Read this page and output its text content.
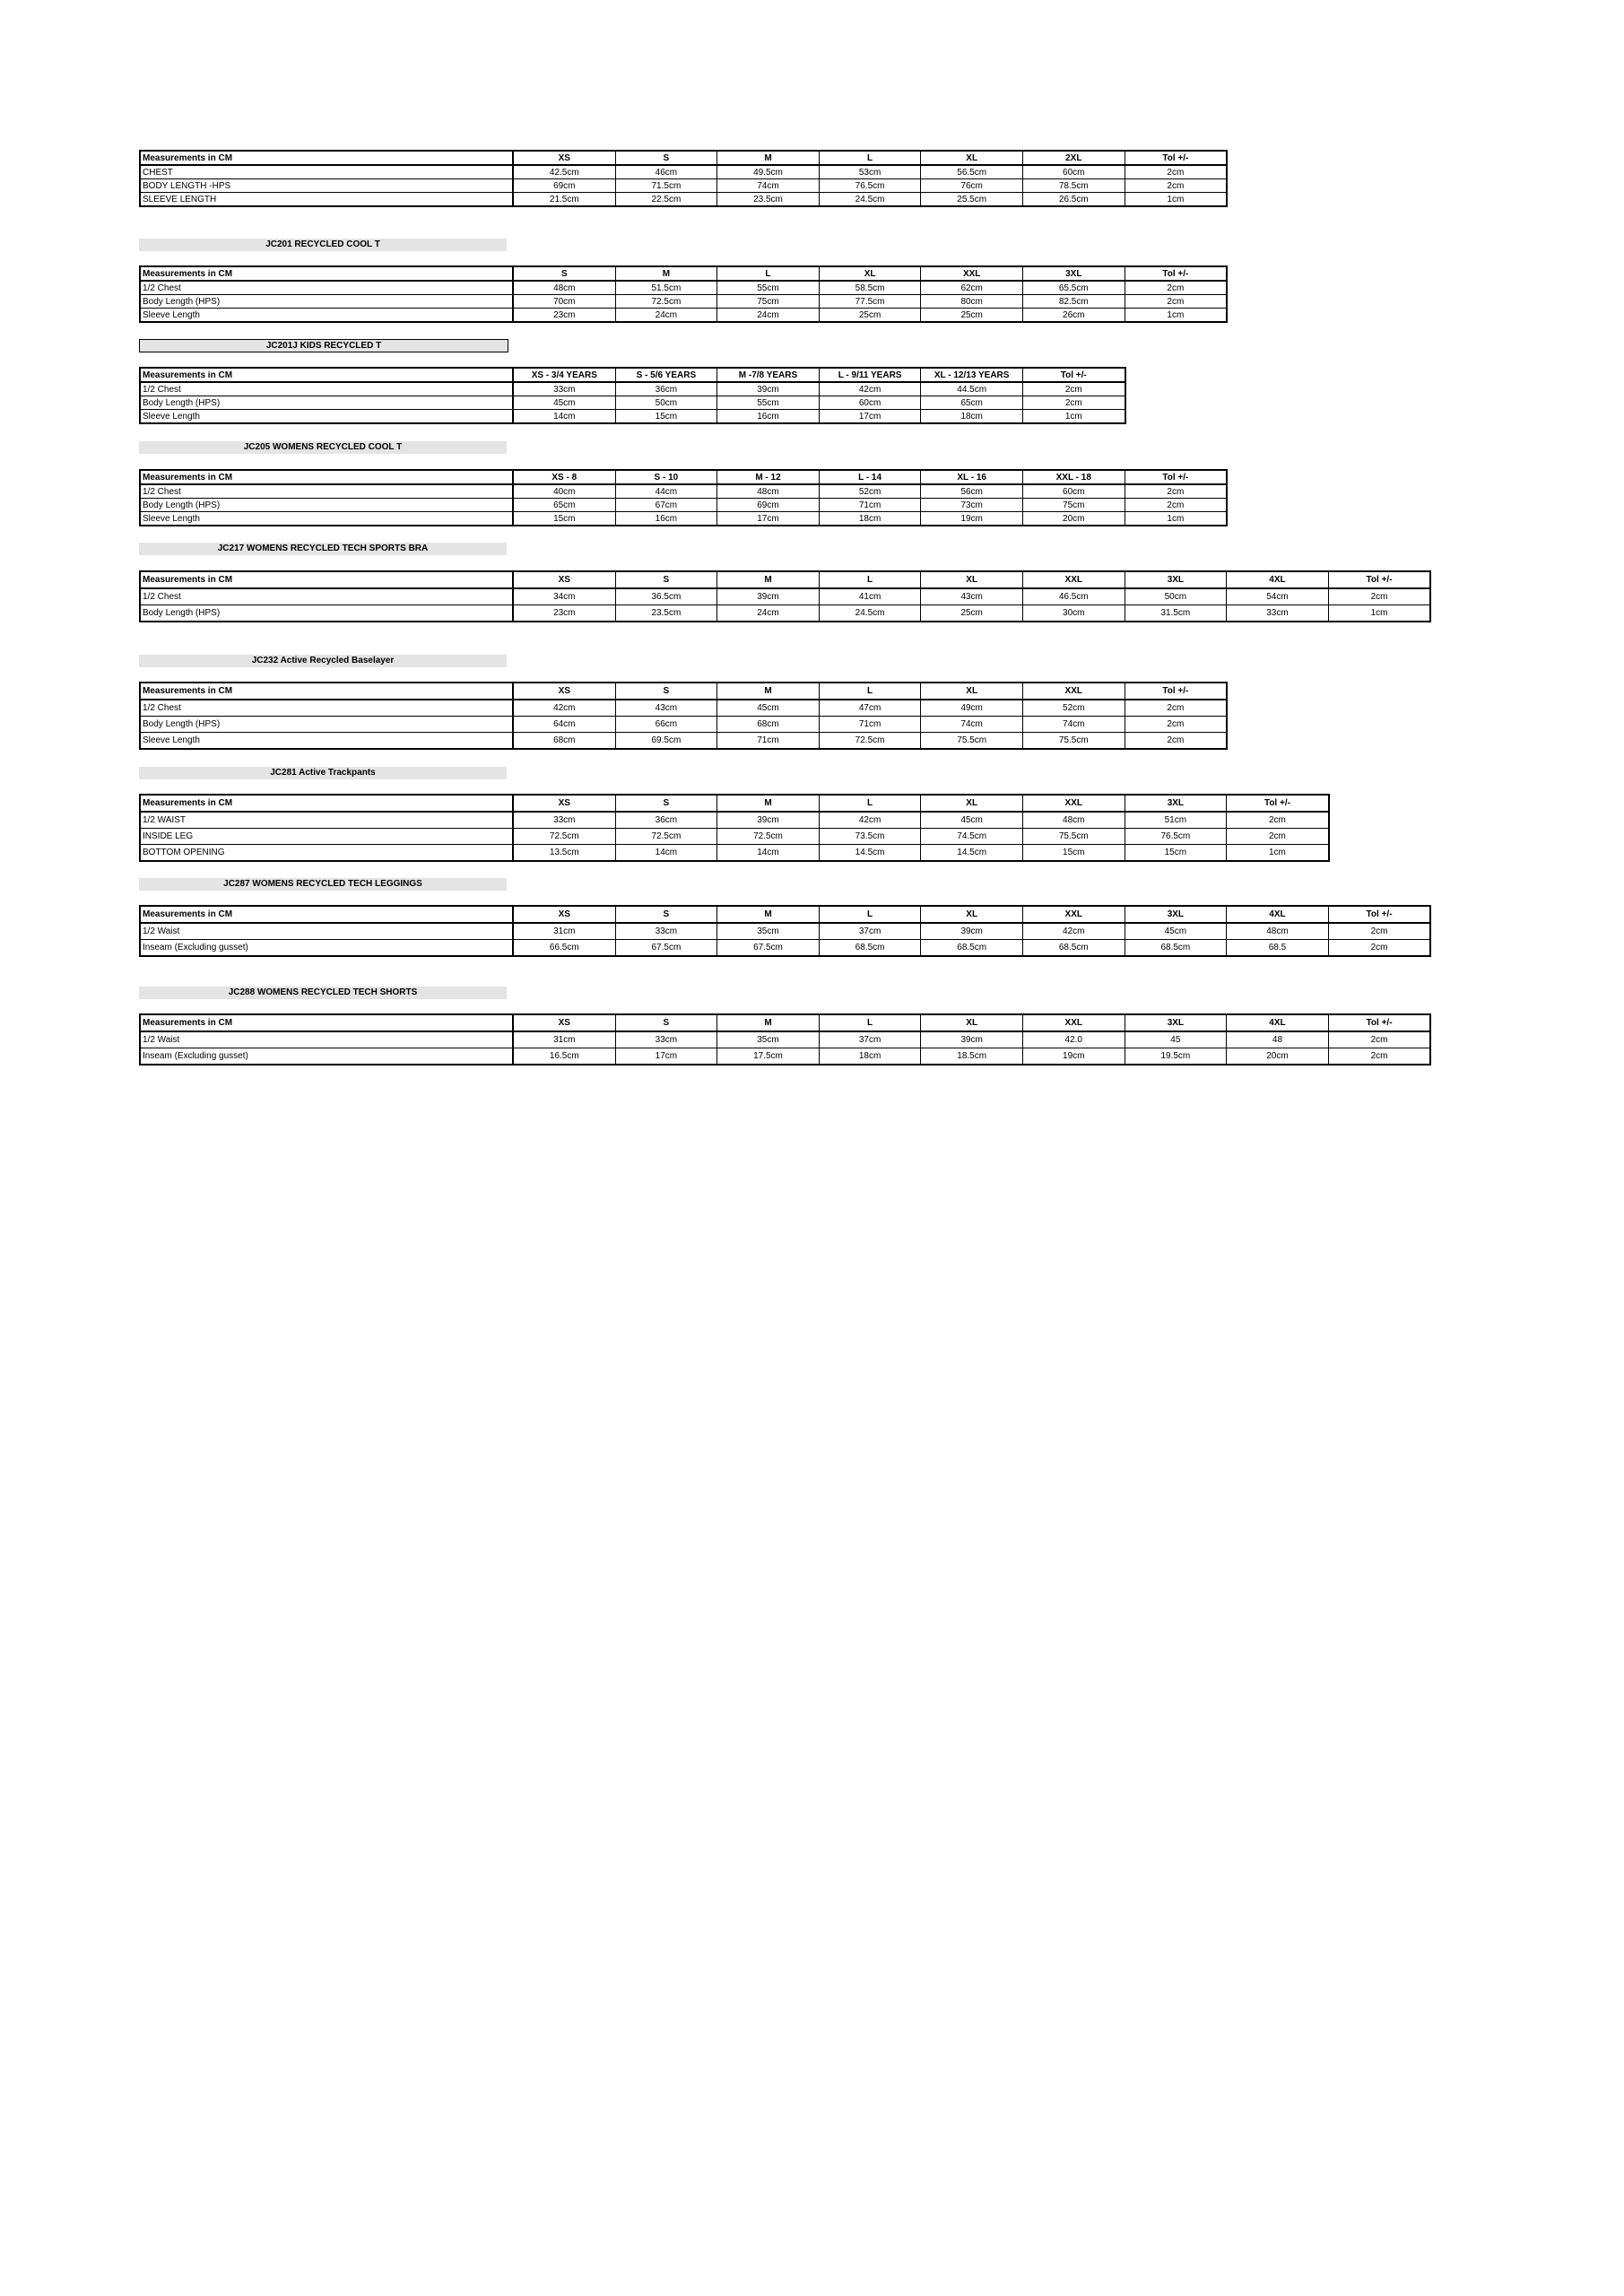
Measurements in CM	XS	S	M	L	XL	2XL	Tol +/-
CHEST	42.5cm	46cm	49.5cm	53cm	56.5cm	60cm	2cm
BODY LENGTH -HPS	69cm	71.5cm	74cm	76.5cm	76cm	78.5cm	2cm
SLEEVE LENGTH	21.5cm	22.5cm	23.5cm	24.5cm	25.5cm	26.5cm	1cm
JC201 RECYCLED COOL T
Measurements in CM	S	M	L	XL	XXL	3XL	Tol +/-
1/2 Chest	48cm	51.5cm	55cm	58.5cm	62cm	65.5cm	2cm
Body Length (HPS)	70cm	72.5cm	75cm	77.5cm	80cm	82.5cm	2cm
Sleeve Length	23cm	24cm	24cm	25cm	25cm	26cm	1cm
JC201J KIDS RECYCLED T
Measurements in CM	XS - 3/4 YEARS	S - 5/6 YEARS	M -7/8 YEARS	L - 9/11 YEARS	XL - 12/13 YEARS	Tol +/-
1/2 Chest	33cm	36cm	39cm	42cm	44.5cm	2cm
Body Length (HPS)	45cm	50cm	55cm	60cm	65cm	2cm
Sleeve Length	14cm	15cm	16cm	17cm	18cm	1cm
JC205 WOMENS RECYCLED COOL T
Measurements in CM	XS - 8	S - 10	M - 12	L - 14	XL - 16	XXL - 18	Tol +/-
1/2 Chest	40cm	44cm	48cm	52cm	56cm	60cm	2cm
Body Length (HPS)	65cm	67cm	69cm	71cm	73cm	75cm	2cm
Sleeve Length	15cm	16cm	17cm	18cm	19cm	20cm	1cm
JC217 WOMENS RECYCLED TECH SPORTS BRA
Measurements in CM	XS	S	M	L	XL	XXL	3XL	4XL	Tol +/-
1/2 Chest	34cm	36.5cm	39cm	41cm	43cm	46.5cm	50cm	54cm	2cm
Body Length (HPS)	23cm	23.5cm	24cm	24.5cm	25cm	30cm	31.5cm	33cm	1cm
JC232 Active Recycled Baselayer
Measurements in CM	XS	S	M	L	XL	XXL	Tol +/-
1/2 Chest	42cm	43cm	45cm	47cm	49cm	52cm	2cm
Body Length (HPS)	64cm	66cm	68cm	71cm	74cm	74cm	2cm
Sleeve Length	68cm	69.5cm	71cm	72.5cm	75.5cm	75.5cm	2cm
JC281 Active Trackpants
Measurements in CM	XS	S	M	L	XL	XXL	3XL	Tol +/-
1/2 WAIST	33cm	36cm	39cm	42cm	45cm	48cm	51cm	2cm
INSIDE LEG	72.5cm	72.5cm	72.5cm	73.5cm	74.5cm	75.5cm	76.5cm	2cm
BOTTOM OPENING	13.5cm	14cm	14cm	14.5cm	14.5cm	15cm	15cm	1cm
JC287 WOMENS RECYCLED TECH LEGGINGS
Measurements in CM	XS	S	M	L	XL	XXL	3XL	4XL	Tol +/-
1/2 Waist	31cm	33cm	35cm	37cm	39cm	42cm	45cm	48cm	2cm
Inseam (Excluding gusset)	66.5cm	67.5cm	67.5cm	68.5cm	68.5cm	68.5cm	68.5cm	68.5	2cm
JC288 WOMENS RECYCLED TECH SHORTS
Measurements in CM	XS	S	M	L	XL	XXL	3XL	4XL	Tol +/-
1/2 Waist	31cm	33cm	35cm	37cm	39cm	42.0	45	48	2cm
Inseam (Excluding gusset)	16.5cm	17cm	17.5cm	18cm	18.5cm	19cm	19.5cm	20cm	2cm
